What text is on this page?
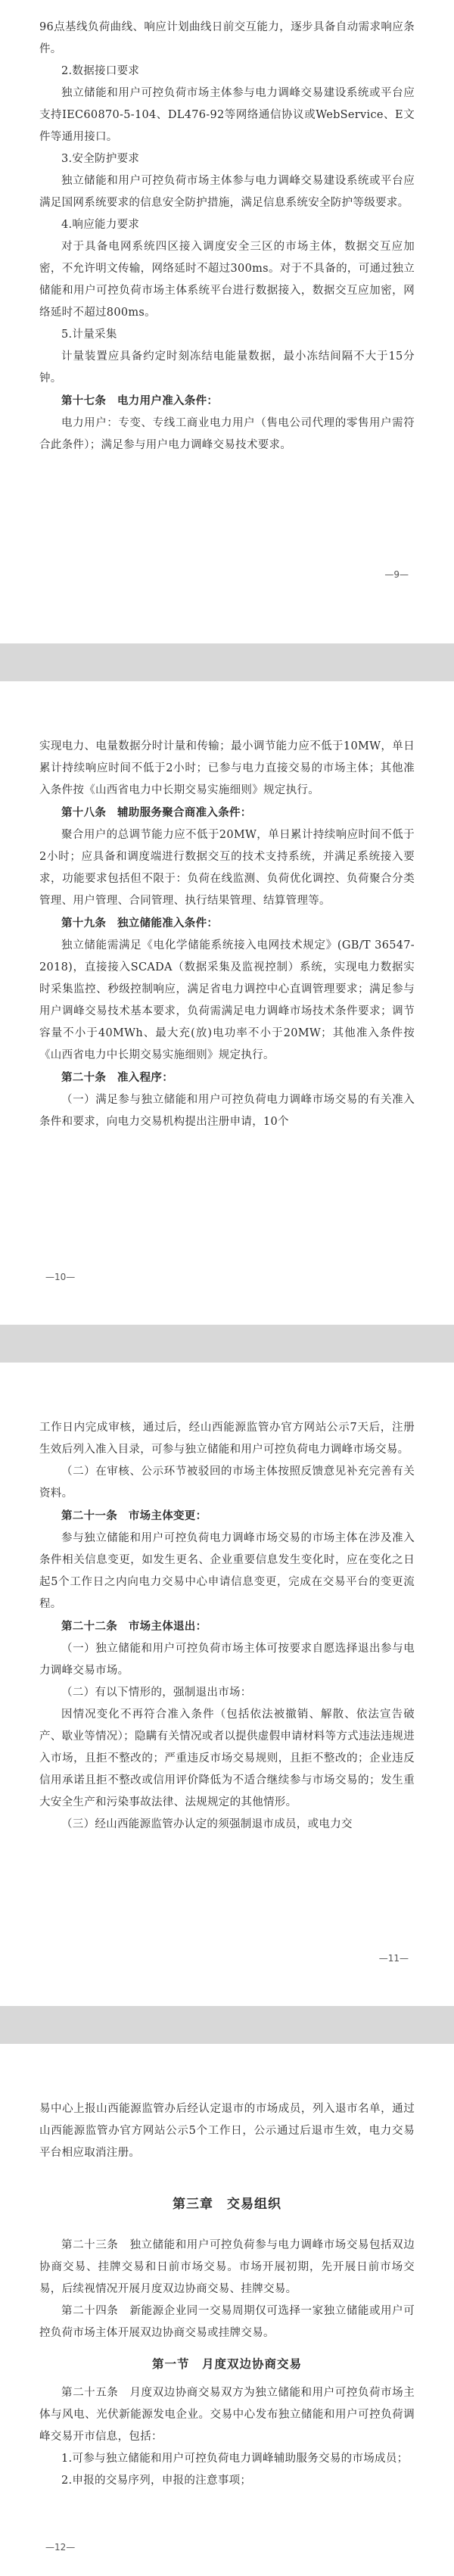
96点基线负荷曲线、响应计划曲线日前交互能力，逐步具备自动需求响应条件。

2.数据接口要求

独立储能和用户可控负荷市场主体参与电力调峰交易建设系统或平台应支持IEC60870-5-104、DL476-92等网络通信协议或WebService、E文件等通用接口。

3.安全防护要求

独立储能和用户可控负荷市场主体参与电力调峰交易建设系统或平台应满足国网系统要求的信息安全防护措施，满足信息系统安全防护等级要求。

4.响应能力要求

对于具备电网系统四区接入调度安全三区的市场主体，数据交互应加密，不允许明文传输，网络延时不超过300ms。对于不具备的，可通过独立储能和用户可控负荷市场主体系统平台进行数据接入，数据交互应加密，网络延时不超过800ms。

5.计量采集

计量装置应具备约定时刻冻结电能量数据，最小冻结间隔不大于15分钟。

第十七条　电力用户准入条件：

电力用户：专变、专线工商业电力用户（售电公司代理的零售用户需符合此条件）；满足参与用户电力调峰交易技术要求。

—9—

实现电力、电量数据分时计量和传输；最小调节能力应不低于10MW，单日累计持续响应时间不低于2小时；已参与电力直接交易的市场主体；其他准入条件按《山西省电力中长期交易实施细则》规定执行。

第十八条　辅助服务聚合商准入条件：

聚合用户的总调节能力应不低于20MW，单日累计持续响应时间不低于2小时；应具备和调度端进行数据交互的技术支持系统，并满足系统接入要求，功能要求包括但不限于：负荷在线监测、负荷优化调控、负荷聚合分类管理、用户管理、合同管理、执行结果管理、结算管理等。

第十九条　独立储能准入条件：

独立储能需满足《电化学储能系统接入电网技术规定》(GB/T 36547-2018)，直接接入SCADA（数据采集及监视控制）系统，实现电力数据实时采集监控、秒级控制响应，满足省电力调控中心直调管理要求；满足参与用户调峰交易技术基本要求，负荷需满足电力调峰市场技术条件要求；调节容量不小于40MWh、最大充(放)电功率不小于20MW；其他准入条件按《山西省电力中长期交易实施细则》规定执行。

第二十条　准入程序：

（一）满足参与独立储能和用户可控负荷电力调峰市场交易的有关准入条件和要求，向电力交易机构提出注册申请，10个

—10—

工作日内完成审核，通过后，经山西能源监管办官方网站公示7天后，注册生效后列入准入目录，可参与独立储能和用户可控负荷电力调峰市场交易。

（二）在审核、公示环节被驳回的市场主体按照反馈意见补充完善有关资料。

第二十一条　市场主体变更：

参与独立储能和用户可控负荷电力调峰市场交易的市场主体在涉及准入条件相关信息变更，如发生更名、企业重要信息发生变化时，应在变化之日起5个工作日之内向电力交易中心申请信息变更，完成在交易平台的变更流程。

第二十二条　市场主体退出：

（一）独立储能和用户可控负荷市场主体可按要求自愿选择退出参与电力调峰交易市场。

（二）有以下情形的，强制退出市场：

因情况变化不再符合准入条件（包括依法被撤销、解散、依法宣告破产、歇业等情况）；隐瞒有关情况或者以提供虚假申请材料等方式违法违规进入市场，且拒不整改的；严重违反市场交易规则，且拒不整改的；企业违反信用承诺且拒不整改或信用评价降低为不适合继续参与市场交易的；发生重大安全生产和污染事故法律、法规规定的其他情形。

（三）经山西能源监管办认定的须强制退市成员，或电力交

—11—

易中心上报山西能源监管办后经认定退市的市场成员，列入退市名单，通过山西能源监管办官方网站公示5个工作日，公示通过后退市生效，电力交易平台相应取消注册。

第三章　交易组织

第二十三条　独立储能和用户可控负荷参与电力调峰市场交易包括双边协商交易、挂牌交易和日前市场交易。市场开展初期，先开展日前市场交易，后续视情况开展月度双边协商交易、挂牌交易。

第二十四条　新能源企业同一交易周期仅可选择一家独立储能或用户可控负荷市场主体开展双边协商交易或挂牌交易。

第一节　月度双边协商交易

第二十五条　月度双边协商交易双方为独立储能和用户可控负荷市场主体与风电、光伏新能源发电企业。交易中心发布独立储能和用户可控负荷调峰交易开市信息，包括：

1.可参与独立储能和用户可控负荷电力调峰辅助服务交易的市场成员；

2.申报的交易序列，申报的注意事项；

—12—
